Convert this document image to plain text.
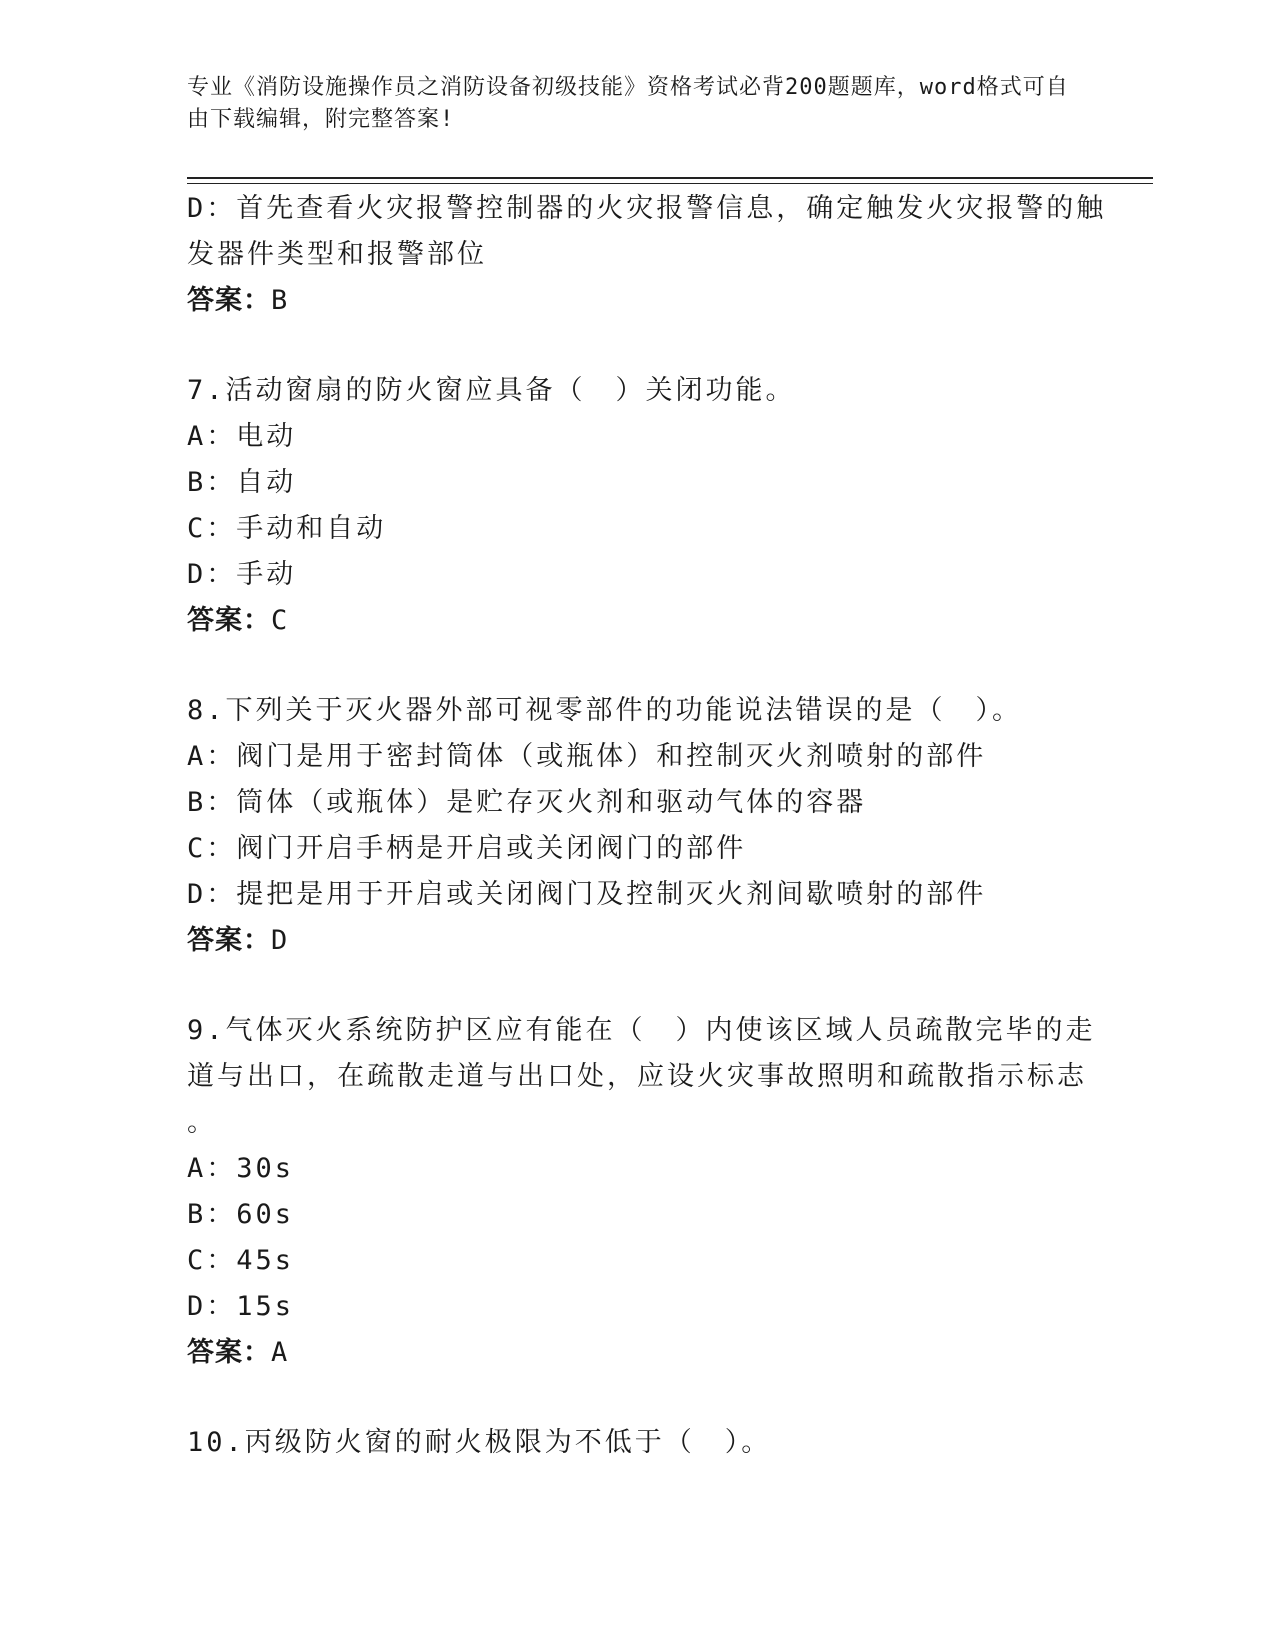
专业《消防设施操作员之消防设备初级技能》资格考试必背200题题库，word格式可自由下载编辑，附完整答案!
D：首先查看火灾报警控制器的火灾报警信息，确定触发火灾报警的触
发器件类型和报警部位
答案：B
7.活动窗扇的防火窗应具备（　）关闭功能。
A：电动
B：自动
C：手动和自动
D：手动
答案：C
8.下列关于灭火器外部可视零部件的功能说法错误的是（　）。
A：阀门是用于密封筒体（或瓶体）和控制灭火剂喷射的部件
B：筒体（或瓶体）是贮存灭火剂和驱动气体的容器
C：阀门开启手柄是开启或关闭阀门的部件
D：提把是用于开启或关闭阀门及控制灭火剂间歇喷射的部件
答案：D
9.气体灭火系统防护区应有能在（　）内使该区域人员疏散完毕的走
道与出口，在疏散走道与出口处，应设火灾事故照明和疏散指示标志
。
A：30s
B：60s
C：45s
D：15s
答案：A
10.丙级防火窗的耐火极限为不低于（　）。
